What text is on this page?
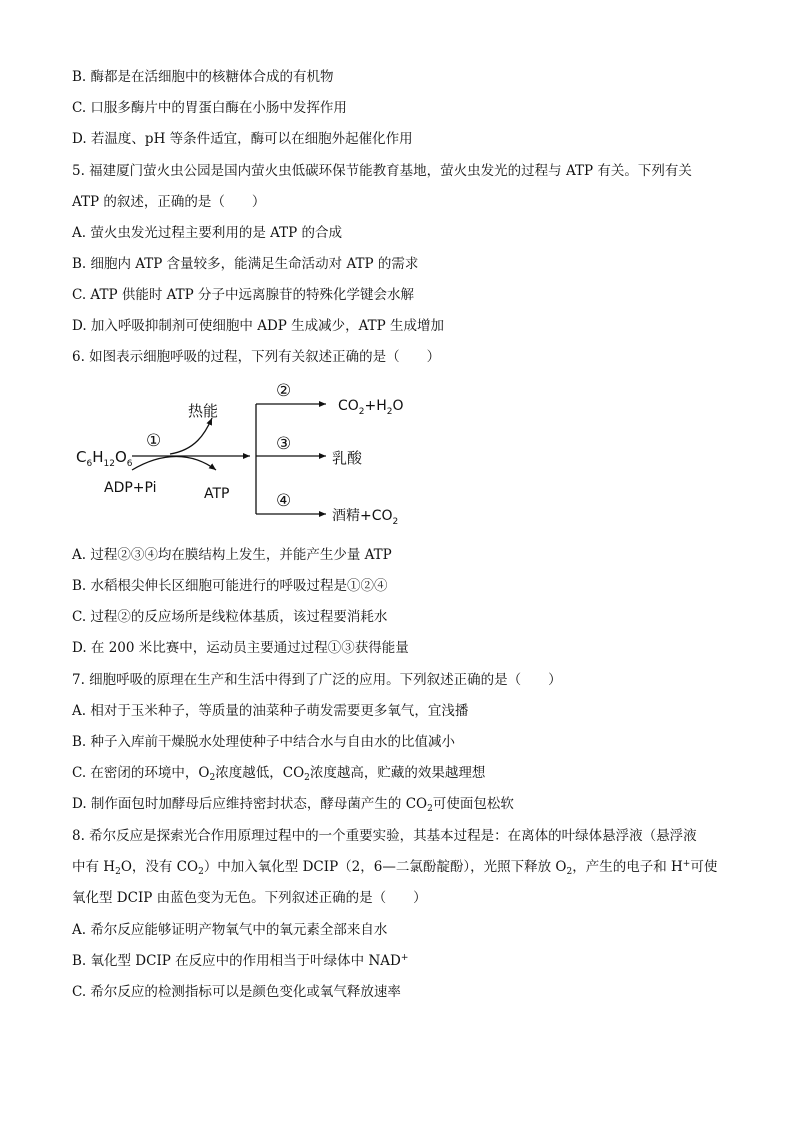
B. 酶都是在活细胞中的核糖体合成的有机物
C. 口服多酶片中的胃蛋白酶在小肠中发挥作用
D. 若温度、pH 等条件适宜，酶可以在细胞外起催化作用
5. 福建厦门萤火虫公园是国内萤火虫低碳环保节能教育基地，萤火虫发光的过程与 ATP 有关。下列有关
ATP 的叙述，正确的是（　　）
A. 萤火虫发光过程主要利用的是 ATP 的合成
B. 细胞内 ATP 含量较多，能满足生命活动对 ATP 的需求
C. ATP 供能时 ATP 分子中远离腺苷的特殊化学键会水解
D. 加入呼吸抑制剂可使细胞中 ADP 生成减少，ATP 生成增加
6. 如图表示细胞呼吸的过程，下列有关叙述正确的是（　　）
$C_6H_{12}O_6$
①
热能
ADP+Pi	ATP
②
$CO_2+H_2O$
③
乳酸
④
酒精$+CO_2$
A. 过程②③④均在膜结构上发生，并能产生少量 ATP
B. 水稻根尖伸长区细胞可能进行的呼吸过程是①②④
C. 过程②的反应场所是线粒体基质，该过程要消耗水
D. 在 200 米比赛中，运动员主要通过过程①③获得能量
7. 细胞呼吸的原理在生产和生活中得到了广泛的应用。下列叙述正确的是（　　）
A. 相对于玉米种子，等质量的油菜种子萌发需要更多氧气，宜浅播
B. 种子入库前干燥脱水处理使种子中结合水与自由水的比值减小
C. 在密闭的环境中，$O_2$浓度越低，$CO_2$浓度越高，贮藏的效果越理想
D. 制作面包时加酵母后应维持密封状态，酵母菌产生的 $CO_2$可使面包松软
8. 希尔反应是探索光合作用原理过程中的一个重要实验，其基本过程是：在离体的叶绿体悬浮液（悬浮液
中有 $H_2O$，没有 $CO_2$）中加入氧化型 DCIP（2，6—二氯酚靛酚），光照下释放 $O_2$，产生的电子和 H+可使
氧化型 DCIP 由蓝色变为无色。下列叙述正确的是（　　）
A. 希尔反应能够证明产物氧气中的氧元素全部来自水
B. 氧化型 DCIP 在反应中的作用相当于叶绿体中 NAD+
C. 希尔反应的检测指标可以是颜色变化或氧气释放速率
